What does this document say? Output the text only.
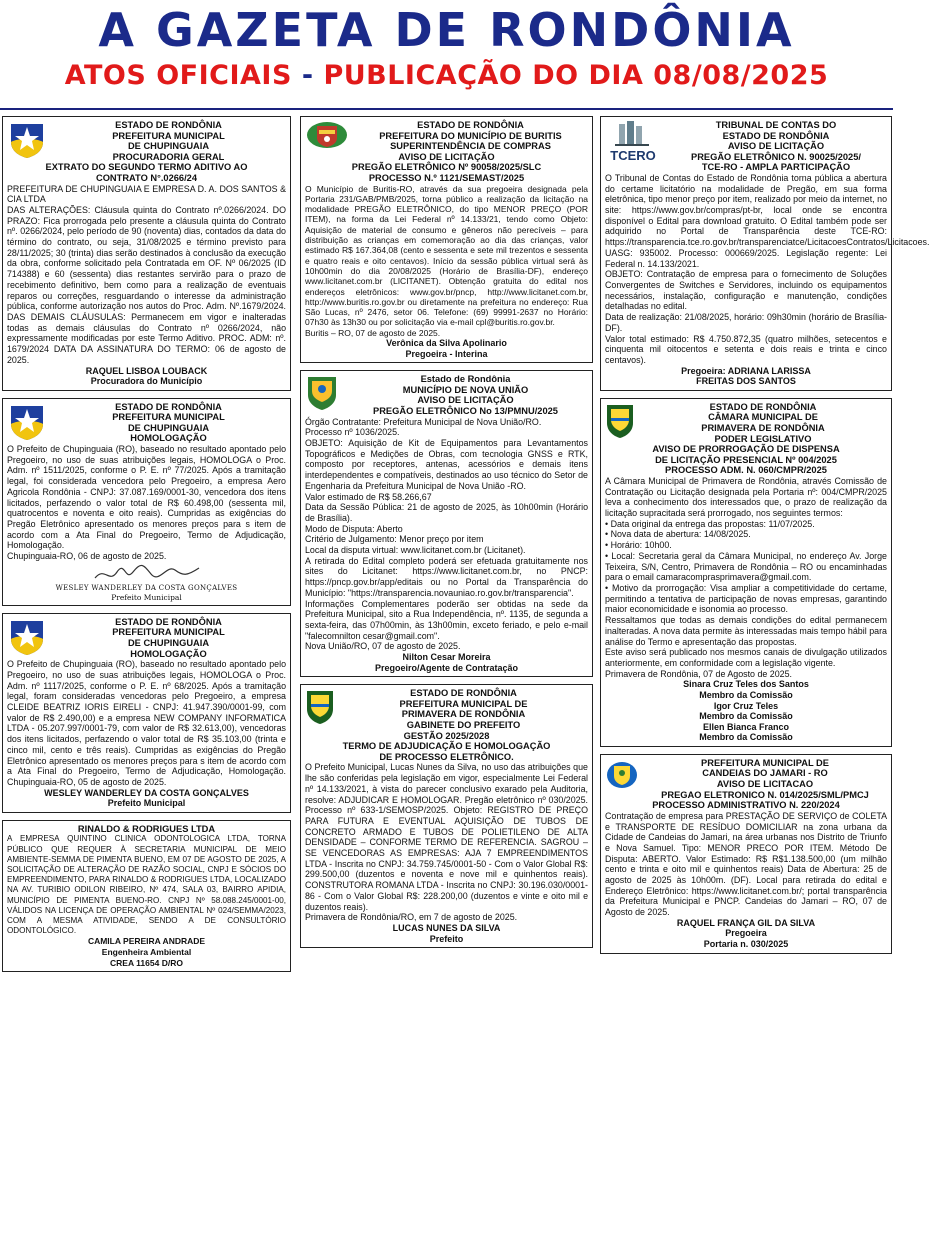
A GAZETA DE RONDÔNIA
ATOS OFICIAIS - PUBLICAÇÃO DO DIA 08/08/2025
ESTADO DE RONDÔNIA
PREFEITURA MUNICIPAL
DE CHUPINGUAIA
PROCURADORIA GERAL
EXTRATO DO SEGUNDO TERMO ADITIVO AO
CONTRATO N°.0266/24

PREFEITURA DE CHUPINGUAIA E EMPRESA D. A. DOS SANTOS & CIA LTDA

DAS ALTERAÇÕES: Cláusula quinta do Contrato nº.0266/2024. DO PRAZO: Fica prorrogada pelo presente a cláusula quinta do Contrato nº. 0266/2024, pelo período de 90 (noventa) dias, contados da data do término do contrato, ou seja, 31/08/2025 e término previsto para 28/11/2025; 30 (trinta) dias serão destinados à conclusão da execução da obra, conforme solicitado pela Contratada em OF. Nº 06/2025 (ID 714388) e 60 (sessenta) dias restantes servirão para o prazo de recebimento definitivo, bem como para a realização de eventuais reparos ou correções, resguardando o interesse da administração pública, conforme autorização nos autos do Proc. Adm. Nº.1679/2024. DAS DEMAIS CLÁUSULAS: Permanecem em vigor e inalteradas todas as demais cláusulas do Contrato nº 0266/2024, não expressamente modificadas por este Termo Aditivo. PROC. ADM: nº. 1679/2024 DATA DA ASSINATURA DO TERMO: 06 de agosto de 2025.

RAQUEL LISBOA LOUBACK
Procuradora do Município
ESTADO DE RONDÔNIA
PREFEITURA MUNICIPAL
DE CHUPINGUAIA
HOMOLOGAÇÃO

O Prefeito de Chupinguaia (RO), baseado no resultado apontado pelo Pregoeiro, no uso de suas atribuições legais, HOMOLOGA o Proc. Adm. nº 1511/2025, conforme o P. E. nº 77/2025. Após a tramitação legal, foi considerada vencedora pelo Pregoeiro, a empresa Aero Agricola Rondônia - CNPJ: 37.087.169/0001-30, vencedora dos itens licitados, perfazendo o valor total de R$ 60.498,00 (sessenta mil, quatrocentos e noventa e oito reais). Cumpridas as exigências do Pregão Eletrônico apresentado os menores preços para s item de acordo com a Ata Final do Pregoeiro, Termo de Adjudicação, Homologação.

Chupinguaia-RO, 06 de agosto de 2025.

WESLEY WANDERLEY DA COSTA GONÇALVES
Prefeito Municipal
ESTADO DE RONDÔNIA
PREFEITURA MUNICIPAL
DE CHUPINGUAIA
HOMOLOGAÇÃO

O Prefeito de Chupinguaia (RO), baseado no resultado apontado pelo Pregoeiro, no uso de suas atribuições legais, HOMOLOGA o Proc. Adm. nº 1117/2025, conforme o P. E. nº 68/2025. Após a tramitação legal, foram consideradas vencedoras pelo Pregoeiro, a empresa CLEIDE BEATRIZ IORIS EIRELI - CNPJ: 41.947.390/0001-99, com valor de R$ 2.490,00) e a empresa NEW COMPANY INFORMATICA LTDA - 05.207.997/0001-79, com valor de R$ 32.613,00), vencedoras dos itens licitados, perfazendo o valor total de R$ 35.103,00 (trinta e cinco mil, cento e três reais). Cumpridas as exigências do Pregão Eletrônico apresentado os menores preços para s item de acordo com a Ata Final do Pregoeiro, Termo de Adjudicação, Homologação. Chupinguaia-RO, 05 de agosto de 2025.

WESLEY WANDERLEY DA COSTA GONÇALVES
Prefeito Municipal
RINALDO & RODRIGUES LTDA

A EMPRESA QUINTINO CLINICA ODONTOLOGICA LTDA, TORNA PÚBLICO QUE REQUER À SECRETARIA MUNICIPAL DE MEIO AMBIENTE-SEMMA DE PIMENTA BUENO, EM 07 DE AGOSTO DE 2025, A SOLICITAÇÃO DE ALTERAÇÃO DE RAZÃO SOCIAL, CNPJ E SÓCIOS DO EMPREENDIMENTO, PARA RINALDO & RODRIGUES LTDA, LOCALIZADO NA AV. TURIBIO ODILON RIBEIRO, Nº 474, SALA 03, BAIRRO APIDIA, MUNICÍPIO DE PIMENTA BUENO-RO. CNPJ Nº 58.088.245/0001-00, VÁLIDOS NA LICENÇA DE OPERAÇÃO AMBIENTAL Nº 024/SEMMA/2023, COM A MESMA ATIVIDADE, SENDO A DE CONSULTÓRIO ODONTOLÓGICO.

CAMILA PEREIRA ANDRADE
Engenheira Ambiental
CREA 11654 D/RO
ESTADO DE RONDÔNIA
PREFEITURA DO MUNICÍPIO DE BURITIS
SUPERINTENDÊNCIA DE COMPRAS
AVISO DE LICITAÇÃO
PREGÃO ELETRÔNICO Nº 90058/2025/SLC
PROCESSO N.º 1121/SEMAST/2025

O Município de Buritis-RO, através da sua pregoeira designada pela Portaria 231/GAB/PMB/2025, torna público a realização da licitação na modalidade PREGÃO ELETRÔNICO, do tipo MENOR PREÇO (POR ITEM), na forma da Lei Federal nº 14.133/21, tendo como Objeto: Aquisição de material de consumo e gêneros não perecíveis – para distribuição as crianças em comemoração ao dia das crianças, valor estimado R$ 167.364,08 (cento e sessenta e sete mil trezentos e sessenta e quatro reais e oito centavos). Início da sessão pública virtual será às 10h00min do dia 20/08/2025 (Horário de Brasília-DF), endereço www.licitanet.com.br (LICITANET). Obtenção gratuita do edital nos endereços eletrônicos: www.gov.br/pncp, http://www.licitanet.com.br, http://www.buritis.ro.gov.br ou diretamente na prefeitura no endereço: Rua São Lucas, nº 2476, setor 06. Telefone: (69) 99991-2637 no Horário: 07h30 às 13h30 ou por solicitação via e-mail cpl@buritis.ro.gov.br.

Buritis – RO, 07 de agosto de 2025.

Verônica da Silva Apolinario
Pregoeira - Interina
Estado de Rondônia
MUNICÍPIO DE NOVA UNIÃO
AVISO DE LICITAÇÃO
PREGÃO ELETRÔNICO No 13/PMNU/2025

Órgão Contratante: Prefeitura Municipal de Nova União/RO.

Processo nº 1036/2025.

OBJETO: Aquisição de Kit de Equipamentos para Levantamentos Topográficos e Medições de Obras, com tecnologia GNSS e RTK, composto por receptores, antenas, acessórios e demais itens interdependentes e compatíveis, destinados ao uso técnico do Setor de Engenharia da Prefeitura Municipal de Nova União -RO.

Valor estimado de R$ 58.266,67

Data da Sessão Pública: 21 de agosto de 2025, às 10h00min (Horário de Brasília).

Modo de Disputa: Aberto

Critério de Julgamento: Menor preço por item

Local da disputa virtual: www.licitanet.com.br (Licitanet).

A retirada do Edital completo poderá ser efetuada gratuitamente nos sites do Licitanet: https://www.licitanet.com.br, no PNCP: https://pncp.gov.br/app/editais ou no Portal da Transparência do Município: "https://transparencia.novauniao.ro.gov.br/transparencia".

Informações Complementares poderão ser obtidas na sede da Prefeitura Municipal, sito a Rua Independência, nº. 1135, de segunda a sexta-feira, das 07h00min, às 13h00min, exceto feriado, e pelo e-mail "falecomnilton cesar@gmail.com".

Nova União/RO, 07 de agosto de 2025.

Nilton Cesar Moreira
Pregoeiro/Agente de Contratação
ESTADO DE RONDÔNIA
PREFEITURA MUNICIPAL DE
PRIMAVERA DE RONDÔNIA
GABINETE DO PREFEITO
GESTÃO 2025/2028
TERMO DE ADJUDICAÇÃO E HOMOLOGAÇÃO
DE PROCESSO ELETRÔNICO.

O Prefeito Municipal, Lucas Nunes da Silva, no uso das atribuições que lhe são conferidas pela legislação em vigor, especialmente Lei Federal nº 14.133/2021, à vista do parecer conclusivo exarado pela Auditoria, resolve: ADJUDICAR E HOMOLOGAR. Pregão eletrônico nº 030/2025. Processo nº 633-1/SEMOSP/2025. Objeto: REGISTRO DE PREÇO PARA FUTURA E EVENTUAL AQUISIÇÃO DE TUBOS DE CONCRETO ARMADO E TUBOS DE POLIETILENO DE ALTA DENSIDADE – CONFORME TERMO DE REFERENCIA. SAGROU – SE VENCEDORAS AS EMPRESAS: AJA 7 EMPREENDIMENTOS LTDA - Inscrita no CNPJ: 34.759.745/0001-50 - Com o Valor Global R$: 299.500,00 (duzentos e noventa e nove mil e quinhentos reais). CONSTRUTORA ROMANA LTDA - Inscrita no CNPJ: 30.196.030/0001-86 - Com o Valor Global R$: 228.200,00 (duzentos e vinte e oito mil e duzentos reais).

Primavera de Rondônia/RO, em 7 de agosto de 2025.

LUCAS NUNES DA SILVA
Prefeito
TCERO
TRIBUNAL DE CONTAS DO
ESTADO DE RONDÔNIA
AVISO DE LICITAÇÃO
PREGÃO ELETRÔNICO N. 90025/2025/
TCE-RO - AMPLA PARTICIPAÇÃO

O Tribunal de Contas do Estado de Rondônia torna pública a abertura do certame licitatório na modalidade de Pregão, em sua forma eletrônica, tipo menor preço por item, realizado por meio da internet, no site: https://www.gov.br/compras/pt-br, local onde se encontra disponível o Edital para download gratuito. O Edital também pode ser adquirido no Portal de Transparência deste TCE-RO: https://transparencia.tce.ro.gov.br/transparenciatce/LicitacoesContratos/Licitacoes.

UASG: 935002. Processo: 000669/2025. Legislação regente: Lei Federal n. 14.133/2021.

OBJETO: Contratação de empresa para o fornecimento de Soluções Convergentes de Switches e Servidores, incluindo os equipamentos necessários, instalação, configuração e manutenção, condições detalhadas no edital.

Data de realização: 21/08/2025, horário: 09h30min (horário de Brasília-DF).

Valor total estimado: R$ 4.750.872,35 (quatro milhões, setecentos e cinquenta mil oitocentos e setenta e dois reais e trinta e cinco centavos).

Pregoeira: ADRIANA LARISSA
FREITAS DOS SANTOS
ESTADO DE RONDÔNIA
CÂMARA MUNICIPAL DE
PRIMAVERA DE RONDÔNIA
PODER LEGISLATIVO
AVISO DE PRORROGAÇÃO DE DISPENSA
DE LICITAÇÃO PRESENCIAL Nº 004/2025
PROCESSO ADM. N. 060/CMPR/2025

A Câmara Municipal de Primavera de Rondônia, através Comissão de Contratação ou Licitação designada pela Portaria nº: 004/CMPR/2025 leva a conhecimento dos interessados que, o prazo de realização da licitação supracitada será prorrogado, nos seguintes termos:

• Data original da entrega das propostas: 11/07/2025.

• Nova data de abertura: 14/08/2025.

• Horário: 10h00.

• Local: Secretaria geral da Câmara Municipal, no endereço Av. Jorge Teixeira, S/N, Centro, Primavera de Rondônia – RO ou encaminhadas para o email camaracomprasprimavera@gmail.com.

• Motivo da prorrogação: Visa ampliar a competitividade do certame, permitindo a tentativa de participação de novas empresas, garantindo maior economicidade e isonomia ao processo.

Ressaltamos que todas as demais condições do edital permanecem inalteradas. A nova data permite às interessadas mais tempo hábil para análise do Termo e apresentação das propostas.

Este aviso será publicado nos mesmos canais de divulgação utilizados anteriormente, em conformidade com a legislação vigente.

Primavera de Rondônia, 07 de Agosto de 2025.

Sinara Cruz Teles dos Santos
Membro da Comissão
Igor Cruz Teles
Membro da Comissão
Ellen Bianca Franco
Membro da Comissão
PREFEITURA MUNICIPAL DE
CANDEIAS DO JAMARI - RO
AVISO DE LICITACAO
PREGAO ELETRONICO N. 014/2025/SML/PMCJ
PROCESSO ADMINISTRATIVO N. 220/2024

Contratação de empresa para PRESTAÇÃO DE SERVIÇO de COLETA e TRANSPORTE DE RESÍDUO DOMICILIAR na zona urbana da Cidade de Candeias do Jamari, na área urbanas nos Distrito de Triunfo e Nova Samuel. Tipo: MENOR PRECO POR ITEM. Método De Disputa: ABERTO. Valor Estimado: R$ R$1.138.500,00 (um milhão cento e trinta e oito mil e quinhentos reais) Data de Abertura: 25 de agosto de 2025 às 10h00m. (DF). Local para retirada do edital e Endereço Eletrônico: https://www.licitanet.com.br/; portal transparência da Prefeitura Municipal e PNCP. Candeias do Jamari – RO, 07 de Agosto de 2025.

RAQUEL FRANÇA GIL DA SILVA
Pregoeira
Portaria n. 030/2025
